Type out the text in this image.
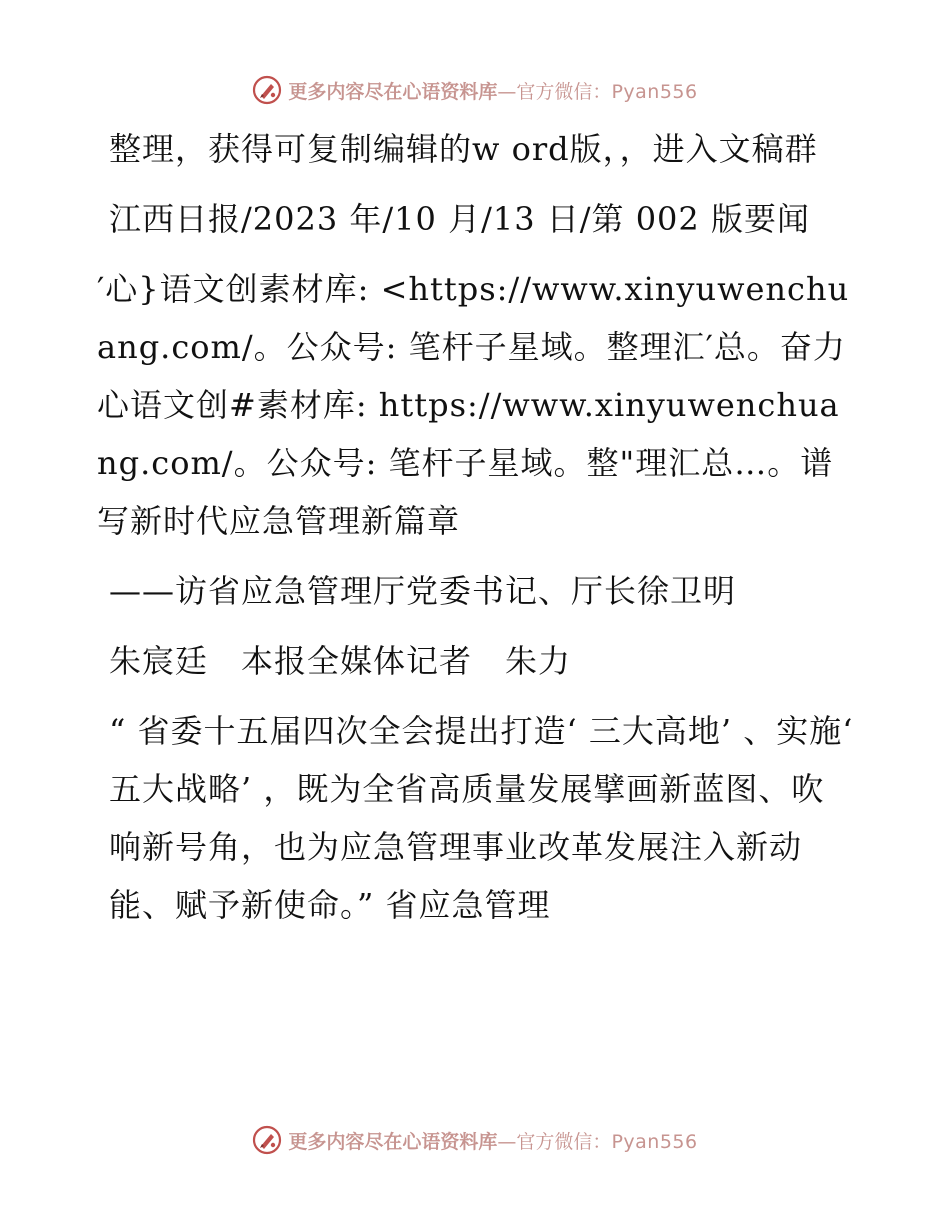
更多内容尽在心语资料库—官方微信：Pyan556

整理，获得可复制编辑的w ord版，，进入文稿群

江西日报/2023 年/10 月/13 日/第 002 版要闻

′心}语文创素材库: <https://www.xinyuwenchuang.com/。公众号: 笔杆子星域。整理汇′总。奋力心语文创#素材库: https://www.xinyuwenchuang.com/。公众号: 笔杆子星域。整"理汇总…。谱写新时代应急管理新篇章

——访省应急管理厅党委书记、厅长徐卫明

朱宸廷　本报全媒体记者　朱力

“ 省委十五届四次全会提出打造‘ 三大高地’ 、实施‘ 五大战略’ ，既为全省高质量发展擘画新蓝图、吹响新号角，也为应急管理事业改革发展注入新动能、赋予新使命。” 省应急管理

更多内容尽在心语资料库—官方微信：Pyan556
